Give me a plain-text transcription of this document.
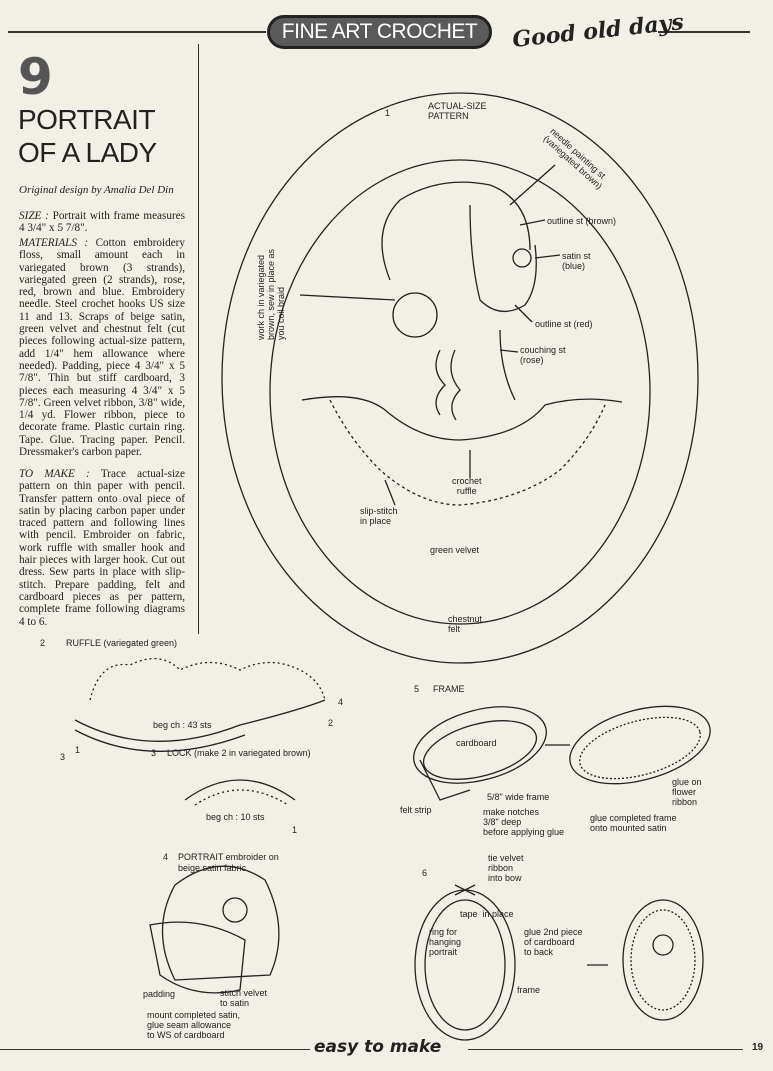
FINE ART CROCHET	Good old days
9
PORTRAIT
OF A LADY
Original design by Amalia Del Din
SIZE : Portrait with frame measures 4 3/4" x 5 7/8".
MATERIALS : Cotton embroidery floss, small amount each in variegated brown (3 strands), variegated green (2 strands), rose, red, brown and blue. Embroidery needle. Steel crochet hooks US size 11 and 13. Scraps of beige satin, green velvet and chestnut felt (cut pieces following actual-size pattern, add 1/4" hem allowance where needed). Padding, piece 4 3/4" x 5 7/8". Thin but stiff cardboard, 3 pieces each measuring 4 3/4" x 5 7/8". Green velvet ribbon, 3/8" wide, 1/4 yd. Flower ribbon, piece to decorate frame. Plastic curtain ring. Tape. Glue. Tracing paper. Pencil. Dressmaker's carbon paper.
TO MAKE : Trace actual-size pattern on thin paper with pencil. Transfer pattern onto oval piece of satin by placing carbon paper under traced pattern and following lines with pencil. Embroider on fabric, work ruffle with smaller hook and hair pieces with larger hook. Cut out dress. Sew parts in place with slip-stitch. Prepare padding, felt and cardboard pieces as per pattern, complete frame following diagrams 4 to 6.
1
ACTUAL-SIZE
PATTERN
needle painting st
(variegated brown)
work ch in variegated
brown, sew in place as
you coil braid
outline st (brown)
satin st
(blue)
outline st (red)
couching st
(rose)
crochet
ruffle
slip-stitch
in place
green velvet
chestnut
felt
2 RUFFLE (variegated green)
beg ch : 43 sts
1
2
3
4
3 LOCK (make 2 in variegated brown)
beg ch : 10 sts
1
4 PORTRAIT embroider on
beige satin fabric
padding	stitch velvet
to satin
mount completed satin,
glue seam allowance
to WS of cardboard
5 FRAME
cardboard
felt strip
5/8" wide frame
make notches
3/8" deep
before applying glue
glue on
flower
ribbon
glue completed frame
onto mounted satin
6
tie velvet
ribbon
into bow
tape  in place
ring for
hanging
portrait
glue 2nd piece
of cardboard
to back
frame
easy to make	19
